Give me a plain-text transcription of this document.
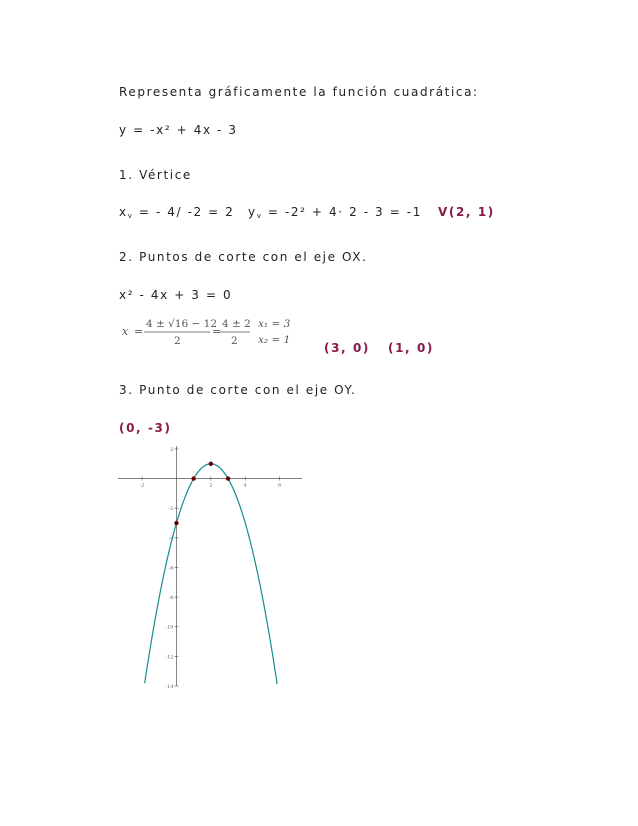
Representa gráficamente la función cuadrática:
y = -x² + 4x - 3
1. Vértice
xv = - 4/ -2 = 2 yv = -2² + 4· 2 - 3 = -1 V(2, 1)
2. Puntos de corte con el eje OX.
x² - 4x + 3 = 0
x =
4 ± √16 − 12
2
=
4 ± 2
2
x₁ = 3
x₂ = 1
(3, 0) (1, 0)
3. Punto de corte con el eje OY.
(0, -3)
-2	2	4	6
2
-2
-4
-6
-8
-10
-12
-14
